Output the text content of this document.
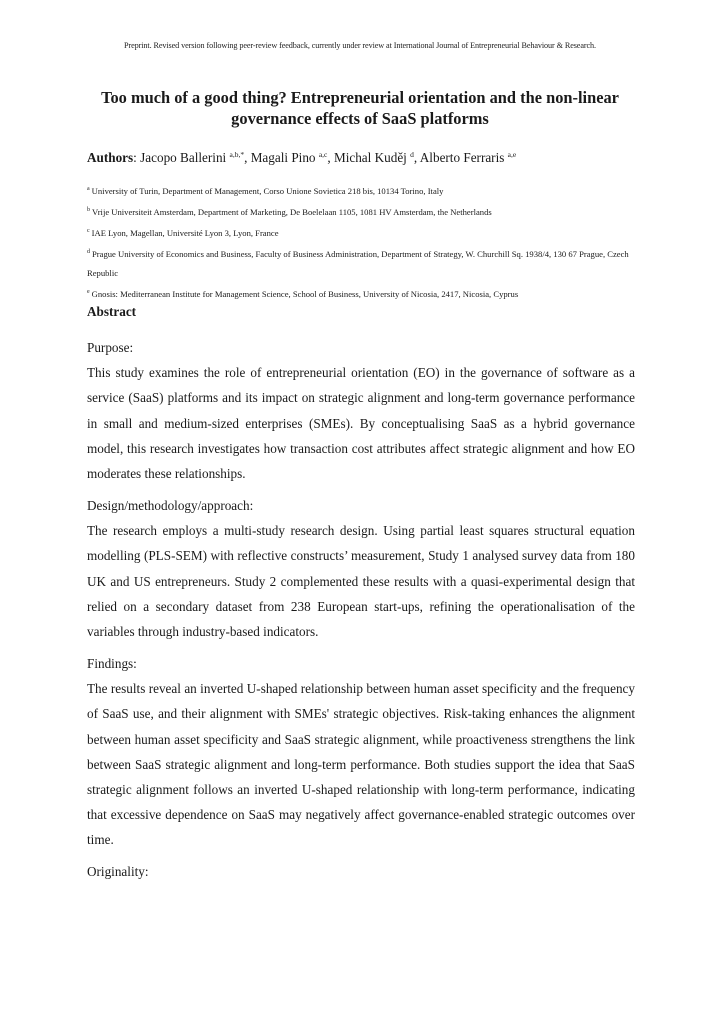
Preprint. Revised version following peer-review feedback, currently under review at International Journal of Entrepreneurial Behaviour & Research.
Too much of a good thing? Entrepreneurial orientation and the non-linear governance effects of SaaS platforms
Authors: Jacopo Ballerini $^{a,b,*}$, Magali Pino $^{a,c}$, Michal Kuděj $^d$, Alberto Ferraris $^{a,e}$
$^a$ University of Turin, Department of Management, Corso Unione Sovietica 218 bis, 10134 Torino, Italy
$^b$ Vrije Universiteit Amsterdam, Department of Marketing, De Boelelaan 1105, 1081 HV Amsterdam, the Netherlands
$^c$ IAE Lyon, Magellan, Université Lyon 3, Lyon, France
$^d$ Prague University of Economics and Business, Faculty of Business Administration, Department of Strategy, W. Churchill Sq. 1938/4, 130 67 Prague, Czech Republic
$^e$ Gnosis: Mediterranean Institute for Management Science, School of Business, University of Nicosia, 2417, Nicosia, Cyprus
Abstract
Purpose:
This study examines the role of entrepreneurial orientation (EO) in the governance of software as a service (SaaS) platforms and its impact on strategic alignment and long-term governance performance in small and medium-sized enterprises (SMEs). By conceptualising SaaS as a hybrid governance model, this research investigates how transaction cost attributes affect strategic alignment and how EO moderates these relationships.
Design/methodology/approach:
The research employs a multi-study research design. Using partial least squares structural equation modelling (PLS-SEM) with reflective constructs’ measurement, Study 1 analysed survey data from 180 UK and US entrepreneurs. Study 2 complemented these results with a quasi-experimental design that relied on a secondary dataset from 238 European start-ups, refining the operationalisation of the variables through industry-based indicators.
Findings:
The results reveal an inverted U-shaped relationship between human asset specificity and the frequency of SaaS use, and their alignment with SMEs' strategic objectives. Risk-taking enhances the alignment between human asset specificity and SaaS strategic alignment, while proactiveness strengthens the link between SaaS strategic alignment and long-term performance. Both studies support the idea that SaaS strategic alignment follows an inverted U-shaped relationship with long-term performance, indicating that excessive dependence on SaaS may negatively affect governance-enabled strategic outcomes over time.
Originality:
